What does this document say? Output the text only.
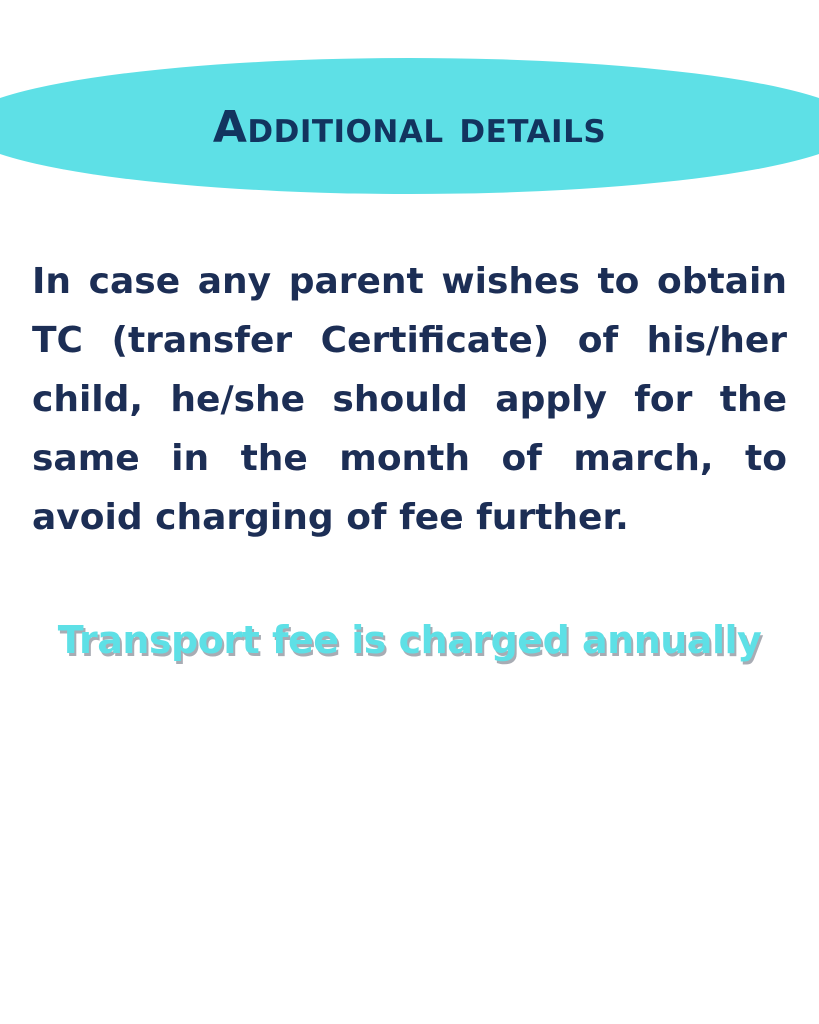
Additional details

In case any parent wishes to obtain TC (transfer Certificate) of his/her child, he/she should apply for the same in the month of march, to avoid charging of fee further.

Transport fee is charged annually
